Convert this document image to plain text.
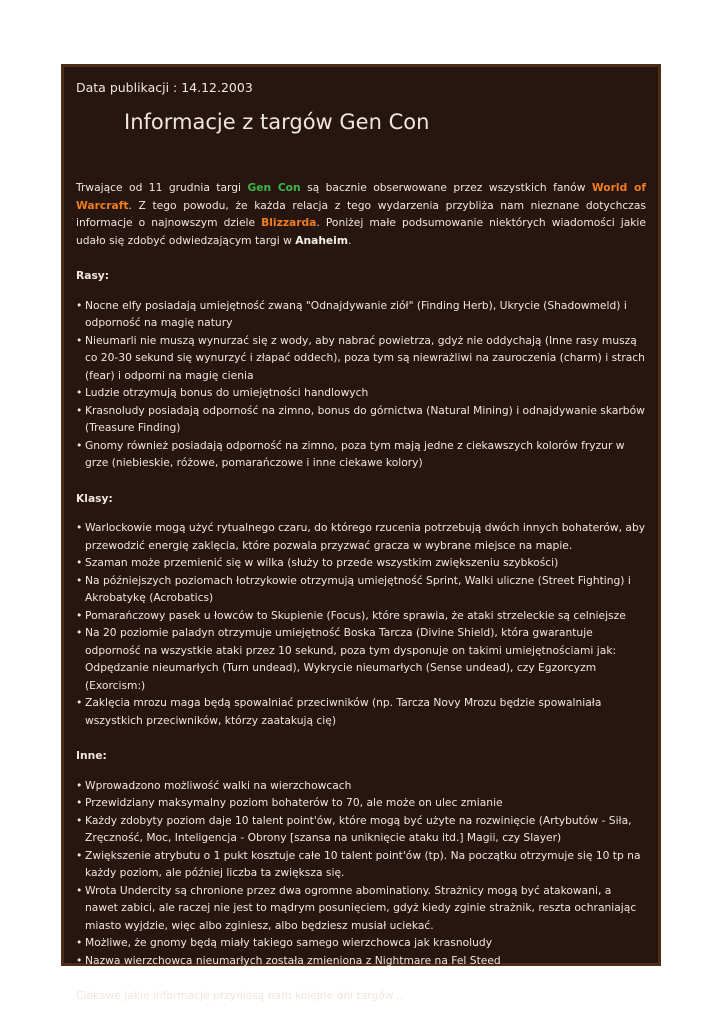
Data publikacji : 14.12.2003

Informacje z targów Gen Con

Trwające od 11 grudnia targi Gen Con są bacznie obserwowane przez wszystkich fanów World of Warcraft. Z tego powodu, że każda relacja z tego wydarzenia przybliża nam nieznane dotychczas informacje o najnowszym dziele Blizzarda. Poniżej małe podsumowanie niektórych wiadomości jakie udało się zdobyć odwiedzającym targi w Anaheim.

Rasy:

• Nocne elfy posiadają umiejętność zwaną "Odnajdywanie ziół" (Finding Herb), Ukrycie (Shadowmeld) i odporność na magię natury
• Nieumarli nie muszą wynurzać się z wody, aby nabrać powietrza, gdyż nie oddychają (Inne rasy muszą co 20-30 sekund się wynurzyć i złapać oddech), poza tym są niewrażliwi na zauroczenia (charm) i strach (fear) i odporni na magię cienia
• Ludzie otrzymują bonus do umiejętności handlowych
• Krasnoludy posiadają odporność na zimno, bonus do górnictwa (Natural Mining) i odnajdywanie skarbów (Treasure Finding)
• Gnomy również posiadają odporność na zimno, poza tym mają jedne z ciekawszych kolorów fryzur w grze (niebieskie, różowe, pomarańczowe i inne ciekawe kolory)

Klasy:

• Warlockowie mogą użyć rytualnego czaru, do którego rzucenia potrzebują dwóch innych bohaterów, aby przewodzić energię zaklęcia, które pozwala przyzwać gracza w wybrane miejsce na mapie.
• Szaman może przemienić się w wilka (służy to przede wszystkim zwiększeniu szybkości)
• Na późniejszych poziomach łotrzykowie otrzymują umiejętność Sprint, Walki uliczne (Street Fighting) i Akrobatykę (Acrobatics)
• Pomarańczowy pasek u łowców to Skupienie (Focus), które sprawia, że ataki strzeleckie są celniejsze
• Na 20 poziomie paladyn otrzymuje umiejętność Boska Tarcza (Divine Shield), która gwarantuje odporność na wszystkie ataki przez 10 sekund, poza tym dysponuje on takimi umiejętnościami jak: Odpędzanie nieumarłych (Turn undead), Wykrycie nieumarłych (Sense undead), czy Egzorcyzm (Exorcism:)
• Zaklęcia mrozu maga będą spowalniać przeciwników (np. Tarcza Novy Mrozu będzie spowalniała wszystkich przeciwników, którzy zaatakują cię)

Inne:

• Wprowadzono możliwość walki na wierzchowcach
• Przewidziany maksymalny poziom bohaterów to 70, ale może on ulec zmianie
• Każdy zdobyty poziom daje 10 talent point'ów, które mogą być użyte na rozwinięcie (Artybutów - Siła, Zręczność, Moc, Inteligencja - Obrony [szansa na uniknięcie ataku itd.] Magii, czy Slayer)
• Zwiększenie atrybutu o 1 pukt kosztuje całe 10 talent point'ów (tp). Na początku otrzymuje się 10 tp na każdy poziom, ale później liczba ta zwiększa się.
• Wrota Undercity są chronione przez dwa ogromne abominationy. Strażnicy mogą być atakowani, a nawet zabici, ale raczej nie jest to mądrym posunięciem, gdyż kiedy zginie strażnik, reszta ochraniając miasto wyjdzie, więc albo zginiesz, albo będziesz musiał uciekać.
• Możliwe, że gnomy będą miały takiego samego wierzchowca jak krasnoludy
• Nazwa wierzchowca nieumarłych została zmieniona z Nightmare na Fel Steed

Ciekawe jakie informacje przyniosą nam kolejne dni targów...
